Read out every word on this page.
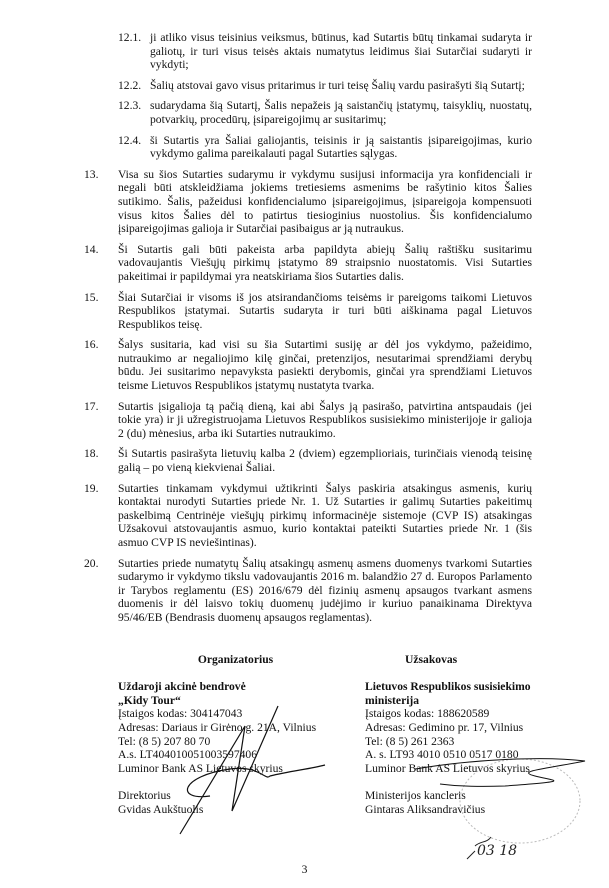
12.1. ji atliko visus teisinius veiksmus, būtinus, kad Sutartis būtų tinkamai sudaryta ir galiotų, ir turi visus teisės aktais numatytus leidimus šiai Sutarčiai sudaryti ir vykdyti;
12.2. Šalių atstovai gavo visus pritarimus ir turi teisę Šalių vardu pasirašyti šią Sutartį;
12.3. sudarydama šią Sutartį, Šalis nepažeis ją saistančių įstatymų, taisyklių, nuostatų, potvarkių, procedūrų, įsipareigojimų ar susitarimų;
12.4. ši Sutartis yra Šaliai galiojantis, teisinis ir ją saistantis įsipareigojimas, kurio vykdymo galima pareikalauti pagal Sutarties sąlygas.
13.	Visa su šios Sutarties sudarymu ir vykdymu susijusi informacija yra konfidenciali ir negali būti atskleidžiama jokiems tretiesiems asmenims be rašytinio kitos Šalies sutikimo. Šalis, pažeidusi konfidencialumo įsipareigojimus, įsipareigoja kompensuoti visus kitos Šalies dėl to patirtus tiesioginius nuostolius. Šis konfidencialumo įsipareigojimas galioja ir Sutarčiai pasibaigus ar ją nutraukus.
14.	Ši Sutartis gali būti pakeista arba papildyta abiejų Šalių raštišku susitarimu vadovaujantis Viešųjų pirkimų įstatymo 89 straipsnio nuostatomis. Visi Sutarties pakeitimai ir papildymai yra neatskiriama šios Sutarties dalis.
15.	Šiai Sutarčiai ir visoms iš jos atsirandančioms teisėms ir pareigoms taikomi Lietuvos Respublikos įstatymai. Sutartis sudaryta ir turi būti aiškinama pagal Lietuvos Respublikos teisę.
16.	Šalys susitaria, kad visi su šia Sutartimi susiję ar dėl jos vykdymo, pažeidimo, nutraukimo ar negaliojimo kilę ginčai, pretenzijos, nesutarimai sprendžiami derybų būdu. Jei susitarimo nepavyksta pasiekti derybomis, ginčai yra sprendžiami Lietuvos teisme Lietuvos Respublikos įstatymų nustatyta tvarka.
17.	Sutartis įsigalioja tą pačią dieną, kai abi Šalys ją pasirašo, patvirtina antspaudais (jei tokie yra) ir ji užregistruojama Lietuvos Respublikos susisiekimo ministerijoje ir galioja 2 (du) mėnesius, arba iki Sutarties nutraukimo.
18.	Ši Sutartis pasirašyta lietuvių kalba 2 (dviem) egzemplioriais, turinčiais vienodą teisinę galią – po vieną kiekvienai Šaliai.
19.	Sutarties tinkamam vykdymui užtikrinti Šalys paskiria atsakingus asmenis, kurių kontaktai nurodyti Sutarties priede Nr. 1. Už Sutarties ir galimų Sutarties pakeitimų paskelbimą Centrinėje viešųjų pirkimų informacinėje sistemoje (CVP IS) atsakingas Užsakovui atstovaujantis asmuo, kurio kontaktai pateikti Sutarties priede Nr. 1 (šis asmuo CVP IS neviešintinas).
20.	Sutarties priede numatytų Šalių atsakingų asmenų asmens duomenys tvarkomi Sutarties sudarymo ir vykdymo tikslu vadovaujantis 2016 m. balandžio 27 d. Europos Parlamento ir Tarybos reglamentu (ES) 2016/679 dėl fizinių asmenų apsaugos tvarkant asmens duomenis ir dėl laisvo tokių duomenų judėjimo ir kuriuo panaikinama Direktyva 95/46/EB (Bendrasis duomenų apsaugos reglamentas).
Organizatorius
Uždaroji akcinė bendrovė
„Kidy Tour“
Įstaigos kodas: 304147043
Adresas: Dariaus ir Girėno g. 21A, Vilnius
Tel: (8 5) 207 80 70
A.s. LT404010051003597406
Luminor Bank AS Lietuvos skyrius
Direktorius
Gvidas Aukštuolis
Užsakovas
Lietuvos Respublikos susisiekimo
ministerija
Įstaigos kodas: 188620589
Adresas: Gedimino pr. 17, Vilnius
Tel: (8 5) 261 2363
A. s. LT93 4010 0510 0517 0180
Luminor Bank AS Lietuvos skyrius
Ministerijos kancleris
Gintaras Aliksandravičius
03 18
3
